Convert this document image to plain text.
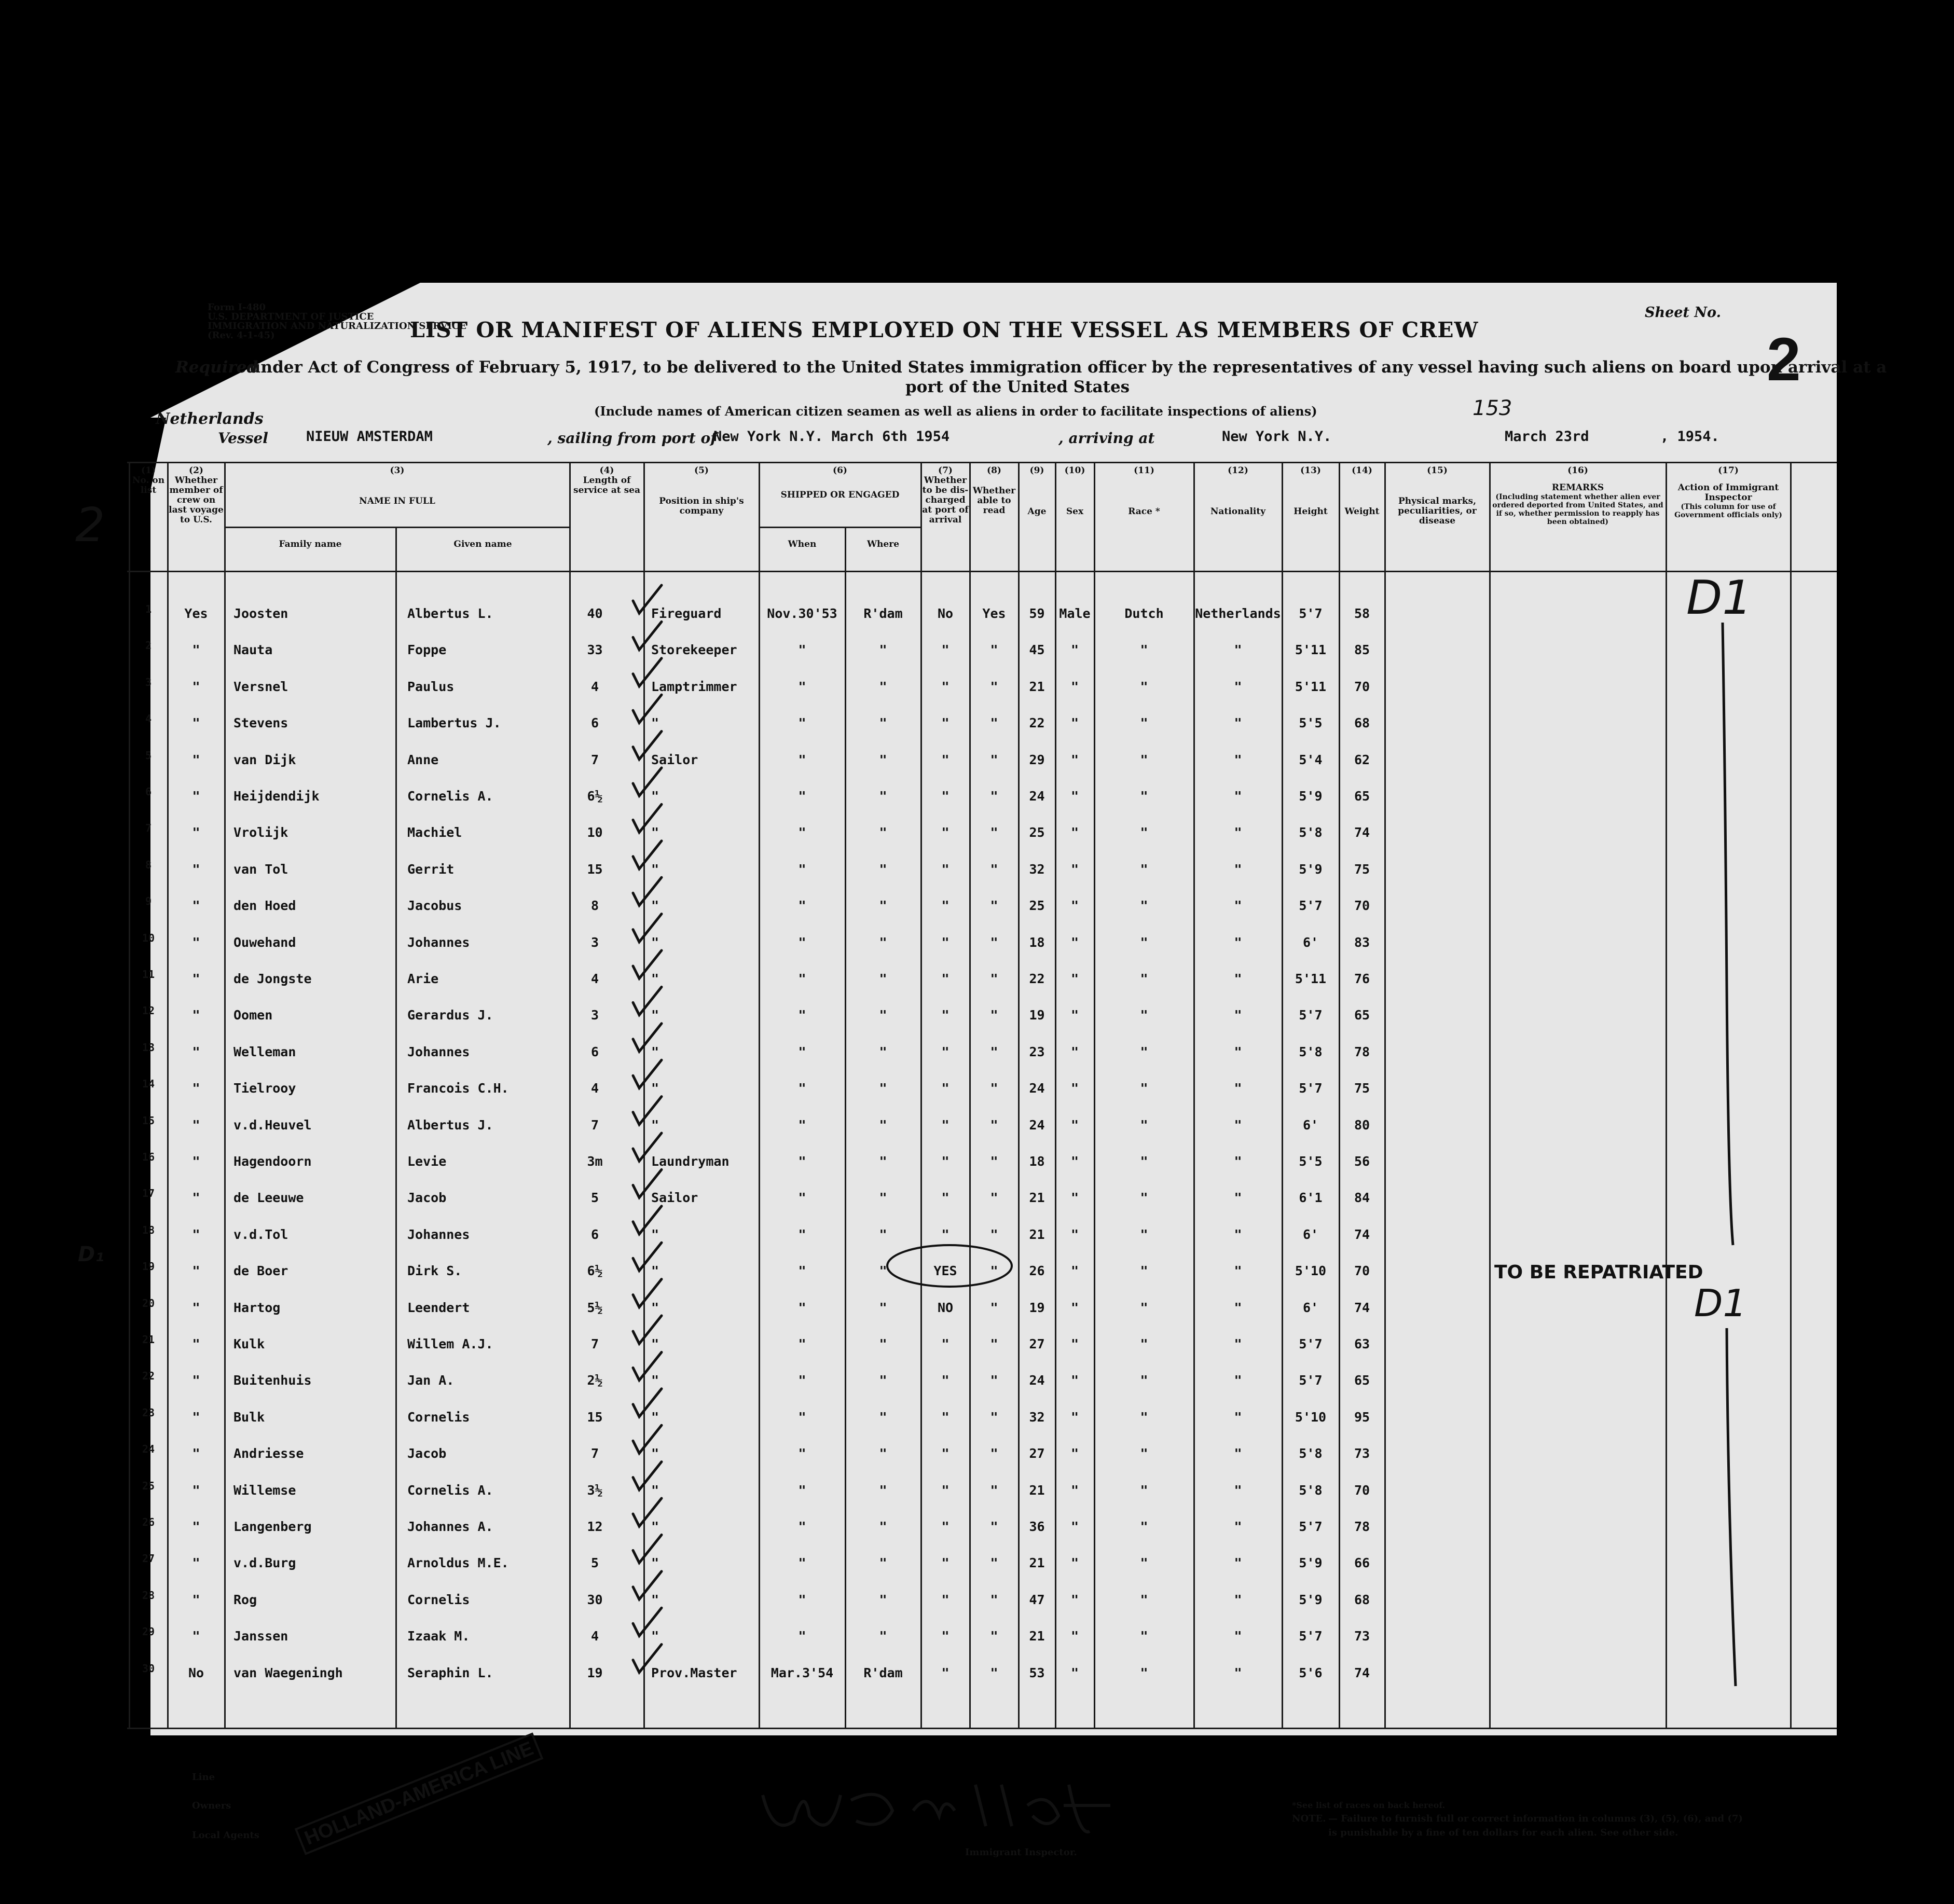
Form I-480
U.S. DEPARTMENT OF JUSTICE
IMMIGRATION AND NATURALIZATION SERVICE
(Rev. 4-1-45)	LIST OR MANIFEST OF ALIENS EMPLOYED ON THE VESSEL AS MEMBERS OF CREW
Sheet No.
2
Required
under Act of Congress of February 5, 1917, to be delivered to the United States immigration officer by the representatives of any vessel having such aliens on board upon arrival at a
port of the United States
(Include names of American citizen seamen as well as aliens in order to facilitate inspections of aliens)	153
Netherlands
Vessel	NIEUW AMSTERDAM	, sailing from port of
New York N.Y. March 6th 1954	, arriving at	New York N.Y.	March 23rd	, 1954.
(1)
No. on list
(2)
Whether member of crew on last voyage to U.S.
(3)
NAME IN FULL
Family name	Given name
(4)
Length of service at sea
(5)
Position in ship's company
(6)
SHIPPED OR ENGAGED
When	Where
(7)
Whether to be dis-charged at port of arrival
(8)
Whether able to read
(9)
Age
(10)
Sex
(11)
Race *
(12)
Nationality
(13)
Height
(14)
Weight
(15)
Physical marks, peculiarities, or disease
(16)
REMARKS
(Including statement whether alien ever ordered deported from United States, and if so, whether permission to reapply has been obtained)
(17)
Action of Immigrant Inspector
(This column for use of Government officials only)
1	Yes	Joosten	Albertus L.	40	Fireguard	Nov.30'53	R'dam	No	Yes	59	Male	Dutch	Netherlands	5'7	58
2	"	Nauta	Foppe	33	Storekeeper	"	"	"	"	45	"	"	"	5'11	85
3	"	Versnel	Paulus	4	Lamptrimmer	"	"	"	"	21	"	"	"	5'11	70
4	"	Stevens	Lambertus J.	6	"	"	"	"	"	22	"	"	"	5'5	68
5	"	van Dijk	Anne	7	Sailor	"	"	"	"	29	"	"	"	5'4	62
6	"	Heijdendijk	Cornelis A.	6½	"	"	"	"	"	24	"	"	"	5'9	65
7	"	Vrolijk	Machiel	10	"	"	"	"	"	25	"	"	"	5'8	74
8	"	van Tol	Gerrit	15	"	"	"	"	"	32	"	"	"	5'9	75
9	"	den Hoed	Jacobus	8	"	"	"	"	"	25	"	"	"	5'7	70
10	"	Ouwehand	Johannes	3	"	"	"	"	"	18	"	"	"	6'	83
11	"	de Jongste	Arie	4	"	"	"	"	"	22	"	"	"	5'11	76
12	"	Oomen	Gerardus J.	3	"	"	"	"	"	19	"	"	"	5'7	65
13	"	Welleman	Johannes	6	"	"	"	"	"	23	"	"	"	5'8	78
14	"	Tielrooy	Francois C.H.	4	"	"	"	"	"	24	"	"	"	5'7	75
15	"	v.d.Heuvel	Albertus J.	7	"	"	"	"	"	24	"	"	"	6'	80
16	"	Hagendoorn	Levie	3m	Laundryman	"	"	"	"	18	"	"	"	5'5	56
17	"	de Leeuwe	Jacob	5	Sailor	"	"	"	"	21	"	"	"	6'1	84
18	"	v.d.Tol	Johannes	6	"	"	"	"	"	21	"	"	"	6'	74
19	"	de Boer	Dirk S.	6½	"	"	"	YES	"	26	"	"	"	5'10	70
20	"	Hartog	Leendert	5½	"	"	"	NO	"	19	"	"	"	6'	74
21	"	Kulk	Willem A.J.	7	"	"	"	"	"	27	"	"	"	5'7	63
22	"	Buitenhuis	Jan A.	2½	"	"	"	"	"	24	"	"	"	5'7	65
23	"	Bulk	Cornelis	15	"	"	"	"	"	32	"	"	"	5'10	95
24	"	Andriesse	Jacob	7	"	"	"	"	"	27	"	"	"	5'8	73
25	"	Willemse	Cornelis A.	3½	"	"	"	"	"	21	"	"	"	5'8	70
26	"	Langenberg	Johannes A.	12	"	"	"	"	"	36	"	"	"	5'7	78
27	"	v.d.Burg	Arnoldus M.E.	5	"	"	"	"	"	21	"	"	"	5'9	66
28	"	Rog	Cornelis	30	"	"	"	"	"	47	"	"	"	5'9	68
29	"	Janssen	Izaak M.	4	"	"	"	"	"	21	"	"	"	5'7	73
30	No	van Waegeningh	Seraphin L.	19	Prov.Master	Mar.3'54	R'dam	"	"	53	"	"	"	5'6	74
2
D₁
D1
TO BE REPATRIATED
D1
Line
Owners
Local Agents	HOLLAND-AMERICA LINE
Immigrant Inspector.
*See list of races on back hereof.
NOTE. — Failure to furnish full or correct information in columns (3), (5), (6), and (7)
is punishable by a fine of ten dollars for each alien. See other side.
